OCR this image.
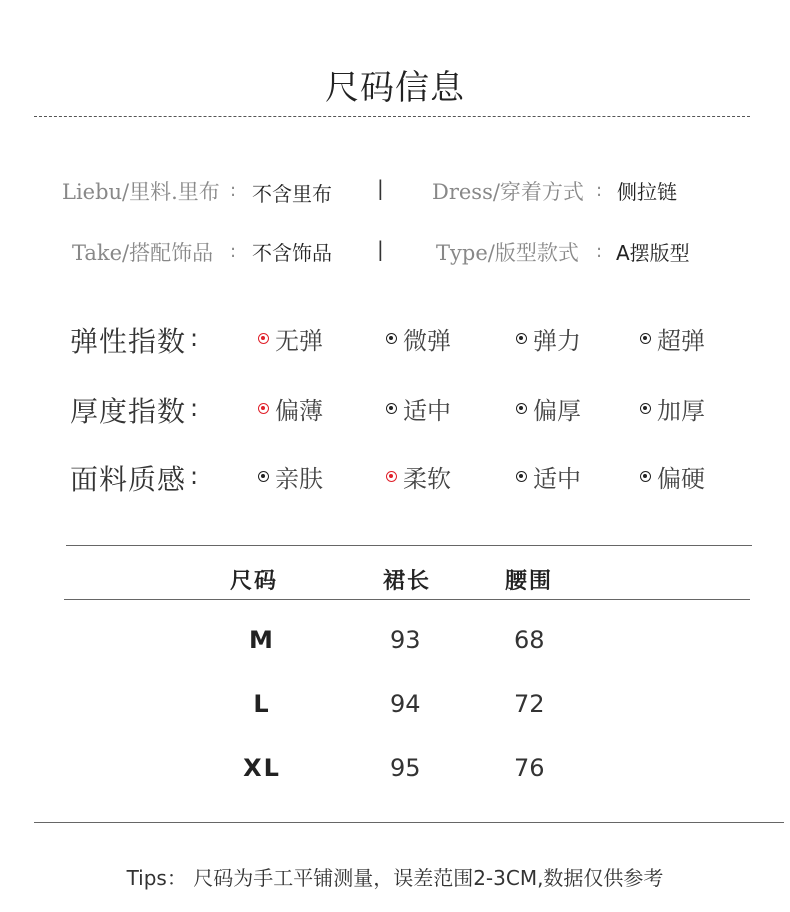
尺码信息
Liebu/里料.里布 : 不含里布 | Dress/穿着方式 : 侧拉链
Take/搭配饰品 : 不含饰品 | Type/版型款式 : A摆版型
弹性指数 :	无弹	微弹	弹力	超弹
厚度指数 :	偏薄	适中	偏厚	加厚
面料质感 :	亲肤	柔软	适中	偏硬
尺码	裙长	腰围
M	93	68
L	94	72
XL	95	76
Tips： 尺码为手工平铺测量，误差范围2-3CM,数据仅供参考
